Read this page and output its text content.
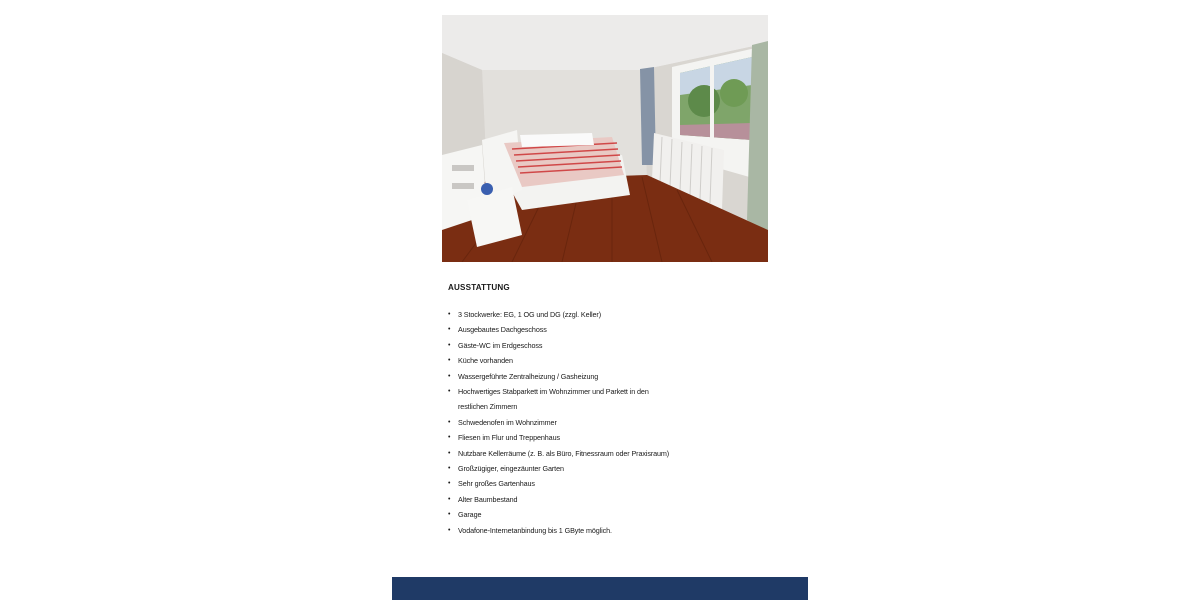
AUSSTATTUNG
• 3 Stockwerke: EG, 1 OG und DG (zzgl. Keller)
• Ausgebautes Dachgeschoss
• Gäste-WC im Erdgeschoss
• Küche vorhanden
• Wassergeführte Zentralheizung / Gasheizung
• Hochwertiges Stabparkett im Wohnzimmer und Parkett in den restlichen Zimmern
• Schwedenofen im Wohnzimmer
• Fliesen im Flur und Treppenhaus
• Nutzbare Kellerräume (z. B. als Büro, Fitnessraum oder Praxisraum)
• Großzügiger, eingezäunter Garten
• Sehr großes Gartenhaus
• Alter Baumbestand
• Garage
• Vodafone-Internetanbindung bis 1 GByte möglich.
